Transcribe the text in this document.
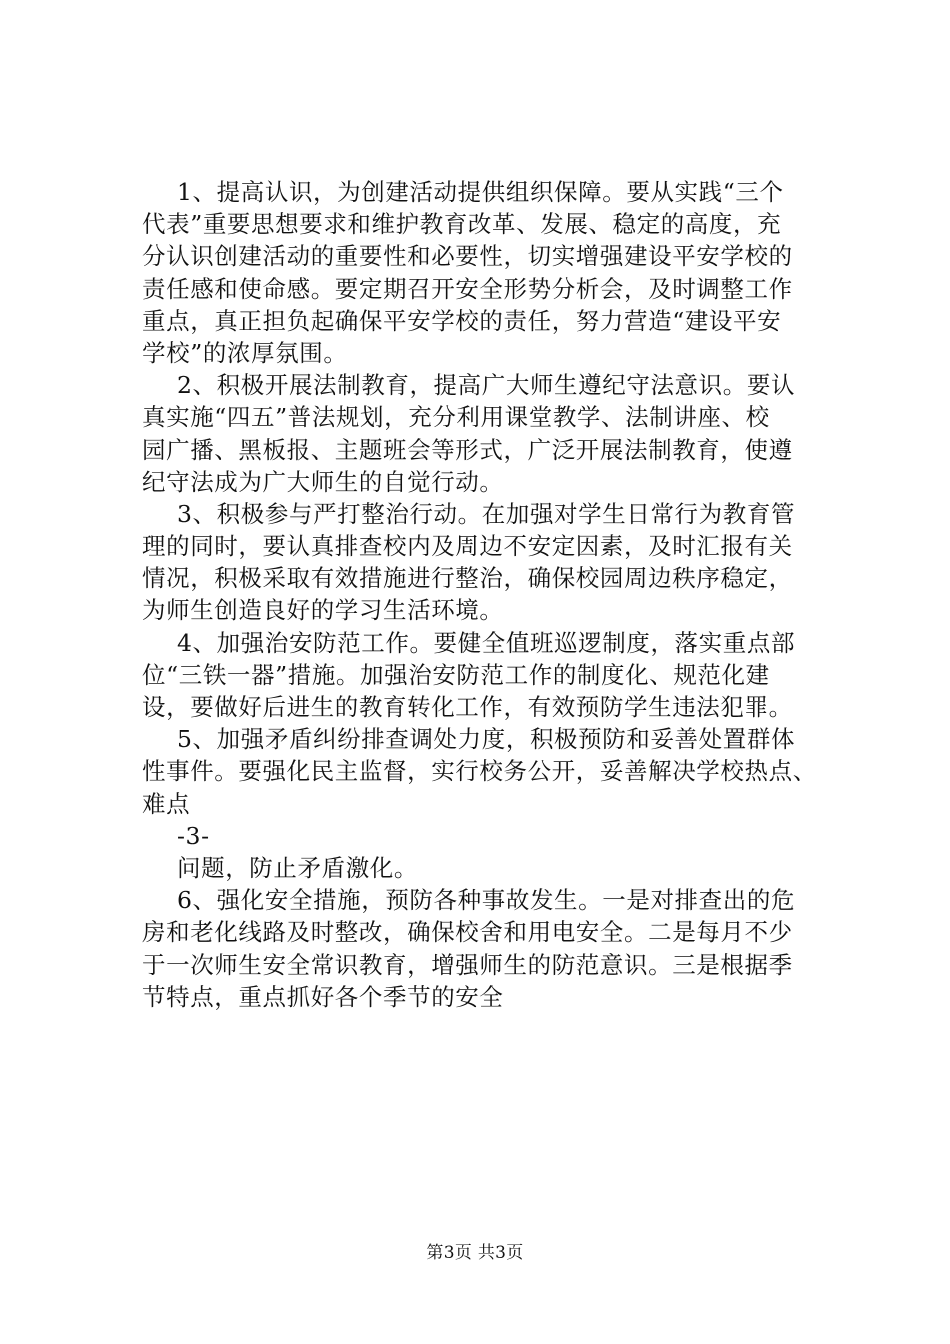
1、提高认识，为创建活动提供组织保障。要从实践“三个
代表”重要思想要求和维护教育改革、发展、稳定的高度，充
分认识创建活动的重要性和必要性，切实增强建设平安学校的
责任感和使命感。要定期召开安全形势分析会，及时调整工作
重点，真正担负起确保平安学校的责任，努力营造“建设平安
学校”的浓厚氛围。
2、积极开展法制教育，提高广大师生遵纪守法意识。要认
真实施“四五”普法规划，充分利用课堂教学、法制讲座、校
园广播、黑板报、主题班会等形式，广泛开展法制教育，使遵
纪守法成为广大师生的自觉行动。
3、积极参与严打整治行动。在加强对学生日常行为教育管
理的同时，要认真排查校内及周边不安定因素，及时汇报有关
情况，积极采取有效措施进行整治，确保校园周边秩序稳定，
为师生创造良好的学习生活环境。
4、加强治安防范工作。要健全值班巡逻制度，落实重点部
位“三铁一器”措施。加强治安防范工作的制度化、规范化建
设，要做好后进生的教育转化工作，有效预防学生违法犯罪。
5、加强矛盾纠纷排查调处力度，积极预防和妥善处置群体
性事件。要强化民主监督，实行校务公开，妥善解决学校热点、
难点
-3-
问题，防止矛盾激化。
6、强化安全措施，预防各种事故发生。一是对排查出的危
房和老化线路及时整改，确保校舍和用电安全。二是每月不少
于一次师生安全常识教育，增强师生的防范意识。三是根据季
节特点，重点抓好各个季节的安全
第3页 共3页
